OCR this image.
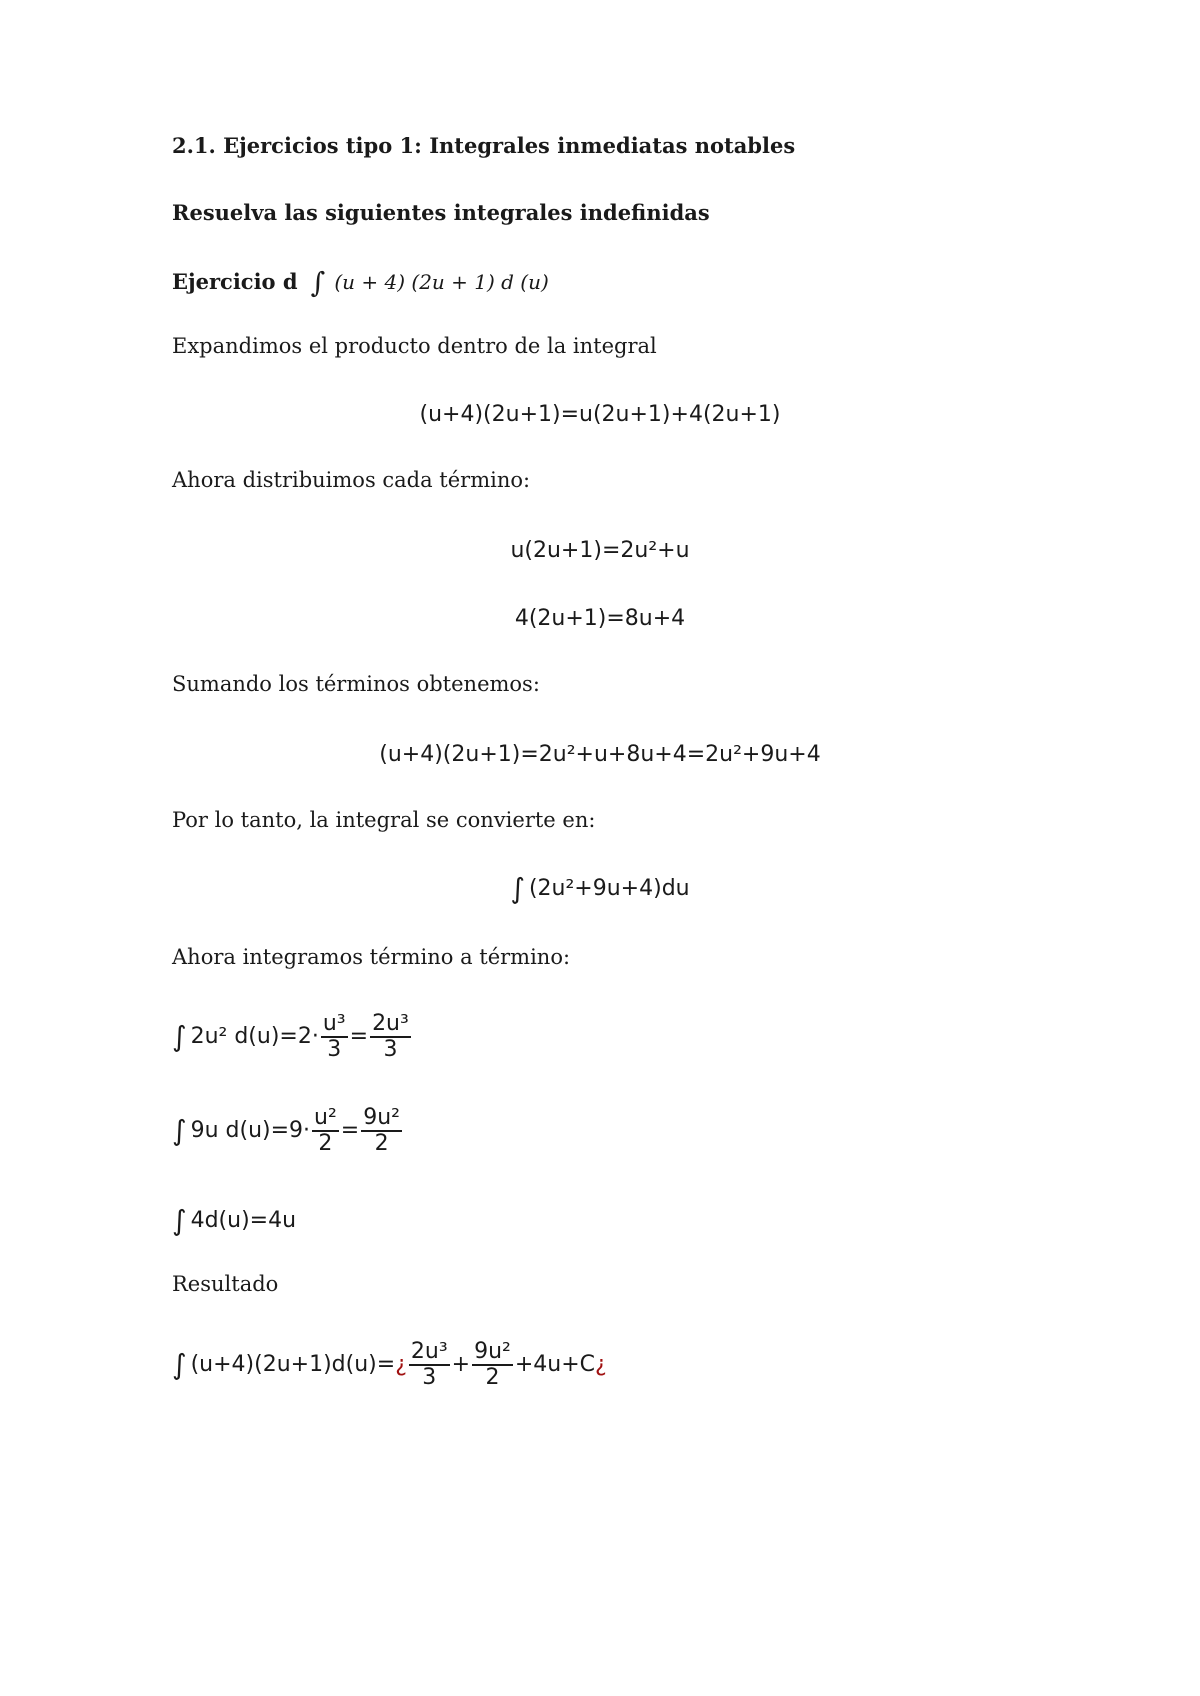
2.1. Ejercicios tipo 1: Integrales inmediatas notables
Resuelva las siguientes integrales indefinidas
Ejercicio d ∫ (u + 4) (2u + 1) d (u)
Expandimos el producto dentro de la integral
(u+4)(2u+1)=u(2u+1)+4(2u+1)
Ahora distribuimos cada término:
u(2u+1)=2u²+u
4(2u+1)=8u+4
Sumando los términos obtenemos:
(u+4)(2u+1)=2u²+u+8u+4=2u²+9u+4
Por lo tanto, la integral se convierte en:
∫ (2u²+9u+4)du
Ahora integramos término a término:
∫ 2u² $d(u)=2\cdot \frac{\text{u³}}{3} = \frac{\text{2u³}}{3}$
∫ 9u $d(u)=9\cdot \frac{\text{u²}}{2} = \frac{\text{9u²}}{2}$
∫ 4d(u)=4u
Resultado
∫ (u+4)(2u+1)d(u)=¿ $\frac{\text{2u³}}{3} + \frac{\text{9u²}}{2}$ +4u+C¿
